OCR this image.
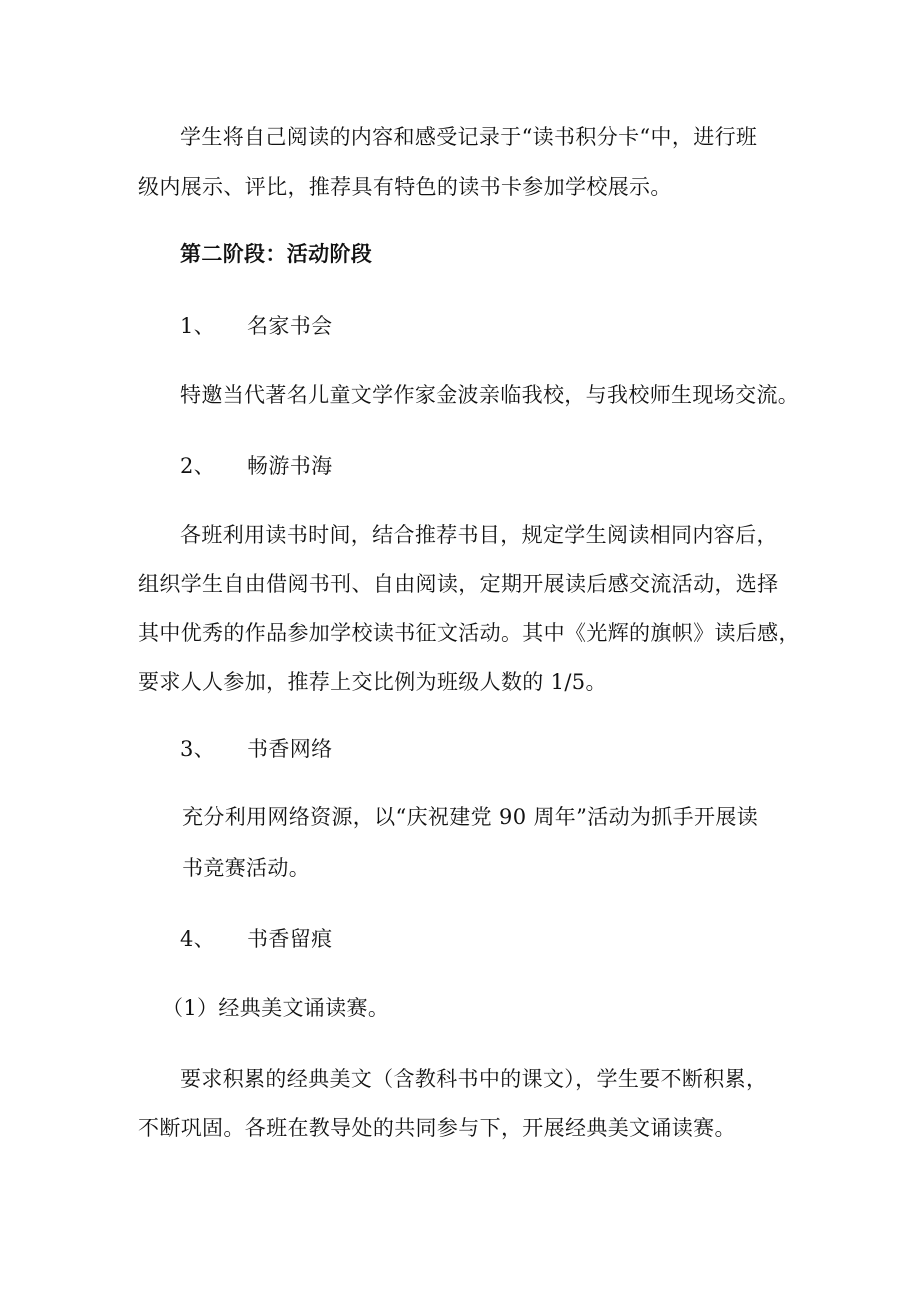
学生将自己阅读的内容和感受记录于“读书积分卡“中，进行班

级内展示、评比，推荐具有特色的读书卡参加学校展示。

第二阶段：活动阶段

1、 名家书会

特邀当代著名儿童文学作家金波亲临我校，与我校师生现场交流。

2、 畅游书海

各班利用读书时间，结合推荐书目，规定学生阅读相同内容后，

组织学生自由借阅书刊、自由阅读，定期开展读后感交流活动，选择

其中优秀的作品参加学校读书征文活动。其中《光辉的旗帜》读后感，

要求人人参加，推荐上交比例为班级人数的 1/5。

3、 书香网络

充分利用网络资源，以“庆祝建党 90 周年”活动为抓手开展读

书竞赛活动。

4、 书香留痕

（1）经典美文诵读赛。

要求积累的经典美文（含教科书中的课文），学生要不断积累，

不断巩固。各班在教导处的共同参与下，开展经典美文诵读赛。
